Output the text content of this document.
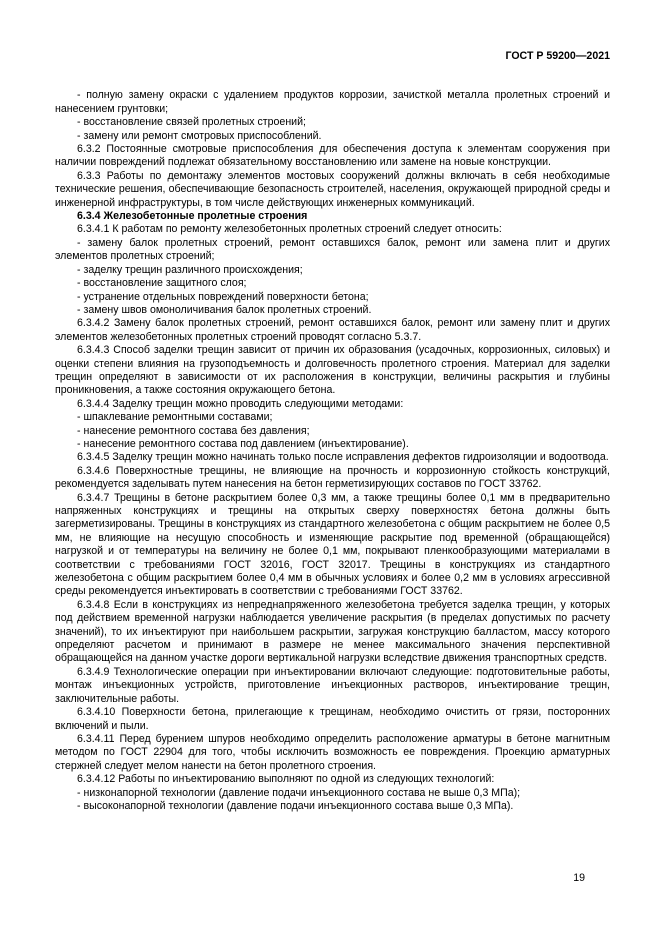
ГОСТ Р 59200—2021

- полную замену окраски с удалением продуктов коррозии, зачисткой металла пролетных строений и нанесением грунтовки;

- восстановление связей пролетных строений;

- замену или ремонт смотровых приспособлений.

6.3.2 Постоянные смотровые приспособления для обеспечения доступа к элементам сооружения при наличии повреждений подлежат обязательному восстановлению или замене на новые конструкции.

6.3.3 Работы по демонтажу элементов мостовых сооружений должны включать в себя необходимые технические решения, обеспечивающие безопасность строителей, населения, окружающей природной среды и инженерной инфраструктуры, в том числе действующих инженерных коммуникаций.

6.3.4 Железобетонные пролетные строения

6.3.4.1 К работам по ремонту железобетонных пролетных строений следует относить:

- замену балок пролетных строений, ремонт оставшихся балок, ремонт или замена плит и других элементов пролетных строений;

- заделку трещин различного происхождения;

- восстановление защитного слоя;

- устранение отдельных повреждений поверхности бетона;

- замену швов омоноличивания балок пролетных строений.

6.3.4.2 Замену балок пролетных строений, ремонт оставшихся балок, ремонт или замену плит и других элементов железобетонных пролетных строений проводят согласно 5.3.7.

6.3.4.3 Способ заделки трещин зависит от причин их образования (усадочных, коррозионных, силовых) и оценки степени влияния на грузоподъемность и долговечность пролетного строения. Материал для заделки трещин определяют в зависимости от их расположения в конструкции, величины раскрытия и глубины проникновения, а также состояния окружающего бетона.

6.3.4.4 Заделку трещин можно проводить следующими методами:

- шпаклевание ремонтными составами;

- нанесение ремонтного состава без давления;

- нанесение ремонтного состава под давлением (инъектирование).

6.3.4.5 Заделку трещин можно начинать только после исправления дефектов гидроизоляции и водоотвода.

6.3.4.6 Поверхностные трещины, не влияющие на прочность и коррозионную стойкость конструкций, рекомендуется заделывать путем нанесения на бетон герметизирующих составов по ГОСТ 33762.

6.3.4.7 Трещины в бетоне раскрытием более 0,3 мм, а также трещины более 0,1 мм в предварительно напряженных конструкциях и трещины на открытых сверху поверхностях бетона должны быть загерметизированы. Трещины в конструкциях из стандартного железобетона с общим раскрытием не более 0,5 мм, не влияющие на несущую способность и изменяющие раскрытие под временной (обращающейся) нагрузкой и от температуры на величину не более 0,1 мм, покрывают пленкообразующими материалами в соответствии с требованиями ГОСТ 32016, ГОСТ 32017. Трещины в конструкциях из стандартного железобетона с общим раскрытием более 0,4 мм в обычных условиях и более 0,2 мм в условиях агрессивной среды рекомендуется инъектировать в соответствии с требованиями ГОСТ 33762.

6.3.4.8 Если в конструкциях из непреднапряженного железобетона требуется заделка трещин, у которых под действием временной нагрузки наблюдается увеличение раскрытия (в пределах допустимых по расчету значений), то их инъектируют при наибольшем раскрытии, загружая конструкцию балластом, массу которого определяют расчетом и принимают в размере не менее максимального значения перспективной обращающейся на данном участке дороги вертикальной нагрузки вследствие движения транспортных средств.

6.3.4.9 Технологические операции при инъектировании включают следующие: подготовительные работы, монтаж инъекционных устройств, приготовление инъекционных растворов, инъектирование трещин, заключительные работы.

6.3.4.10 Поверхности бетона, прилегающие к трещинам, необходимо очистить от грязи, посторонних включений и пыли.

6.3.4.11 Перед бурением шпуров необходимо определить расположение арматуры в бетоне магнитным методом по ГОСТ 22904 для того, чтобы исключить возможность ее повреждения. Проекцию арматурных стержней следует мелом нанести на бетон пролетного строения.

6.3.4.12 Работы по инъектированию выполняют по одной из следующих технологий:

- низконапорной технологии (давление подачи инъекционного состава не выше 0,3 МПа);

- высоконапорной технологии (давление подачи инъекционного состава выше 0,3 МПа).

19
